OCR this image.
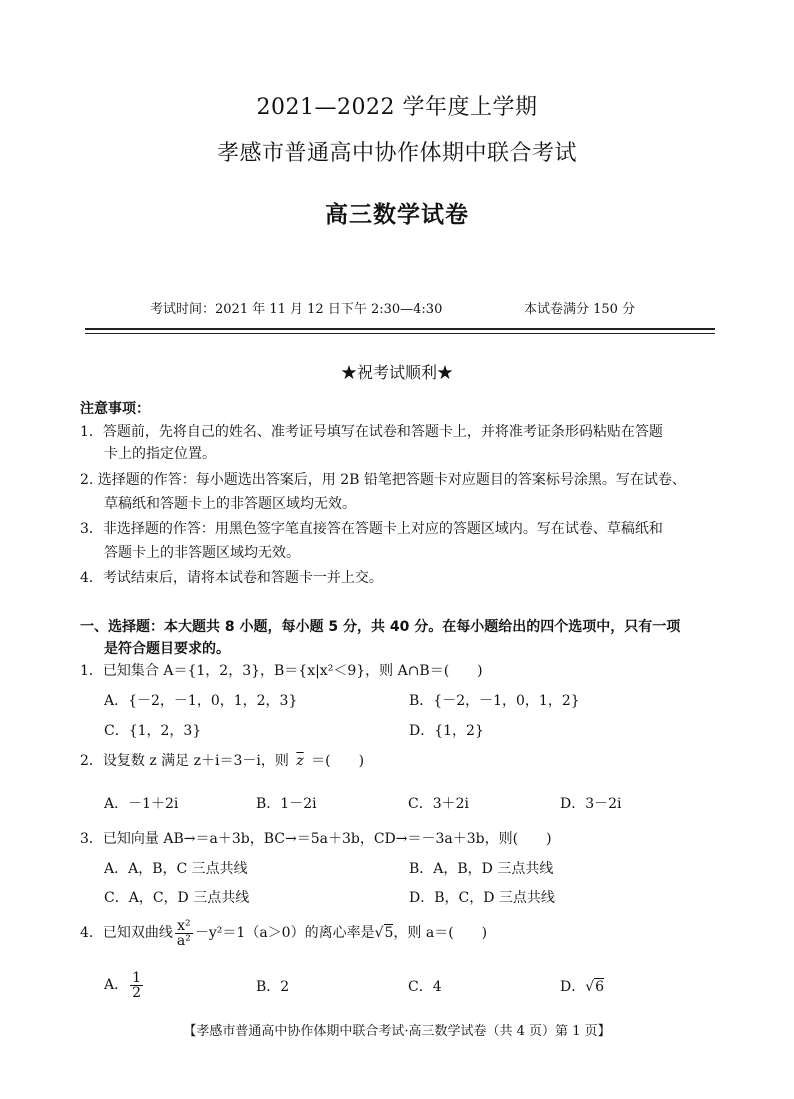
2021—2022 学年度上学期
孝感市普通高中协作体期中联合考试
高三数学试卷
考试时间：2021 年 11 月 12 日下午 2:30—4:30	本试卷满分 150 分
★祝考试顺利★
注意事项：
1．答题前，先将自己的姓名、准考证号填写在试卷和答题卡上，并将准考证条形码粘贴在答题
卡上的指定位置。
2. 选择题的作答：每小题选出答案后，用 2B 铅笔把答题卡对应题目的答案标号涂黑。写在试卷、
草稿纸和答题卡上的非答题区域均无效。
3．非选择题的作答：用黑色签字笔直接答在答题卡上对应的答题区域内。写在试卷、草稿纸和
答题卡上的非答题区域均无效。
4．考试结束后，请将本试卷和答题卡一并上交。
一、选择题：本大题共 8 小题，每小题 5 分，共 40 分。在每小题给出的四个选项中，只有一项
是符合题目要求的。
1．已知集合 A＝{1，2，3}，B＝{x|x²＜9}，则 A∩B＝(　　)
A．{－2，－1，0，1，2，3}	B．{－2，－1，0，1，2}
C．{1，2，3}	D．{1，2}
2．设复数 z 满足 z＋i＝3－i，则 $\overline{z}$ ＝(　　)
A．－1＋2i	B．1－2i	C．3＋2i	D．3－2i
3．已知向量 AB→＝a＋3b，BC→＝5a＋3b，CD→＝－3a＋3b，则(　　)
A．A，B，C 三点共线	B．A，B，D 三点共线
C．A，C，D 三点共线	D．B，C，D 三点共线
4．已知双曲线 $\frac{\text{x²}}{\text{a²}} -y^2=1(a>0)$的离心率是√5，则 a＝(　　)
A． $\frac{1}{2}$	B．2	C．4	D．√6
【孝感市普通高中协作体期中联合考试·高三数学试卷（共 4 页）第 1 页】
